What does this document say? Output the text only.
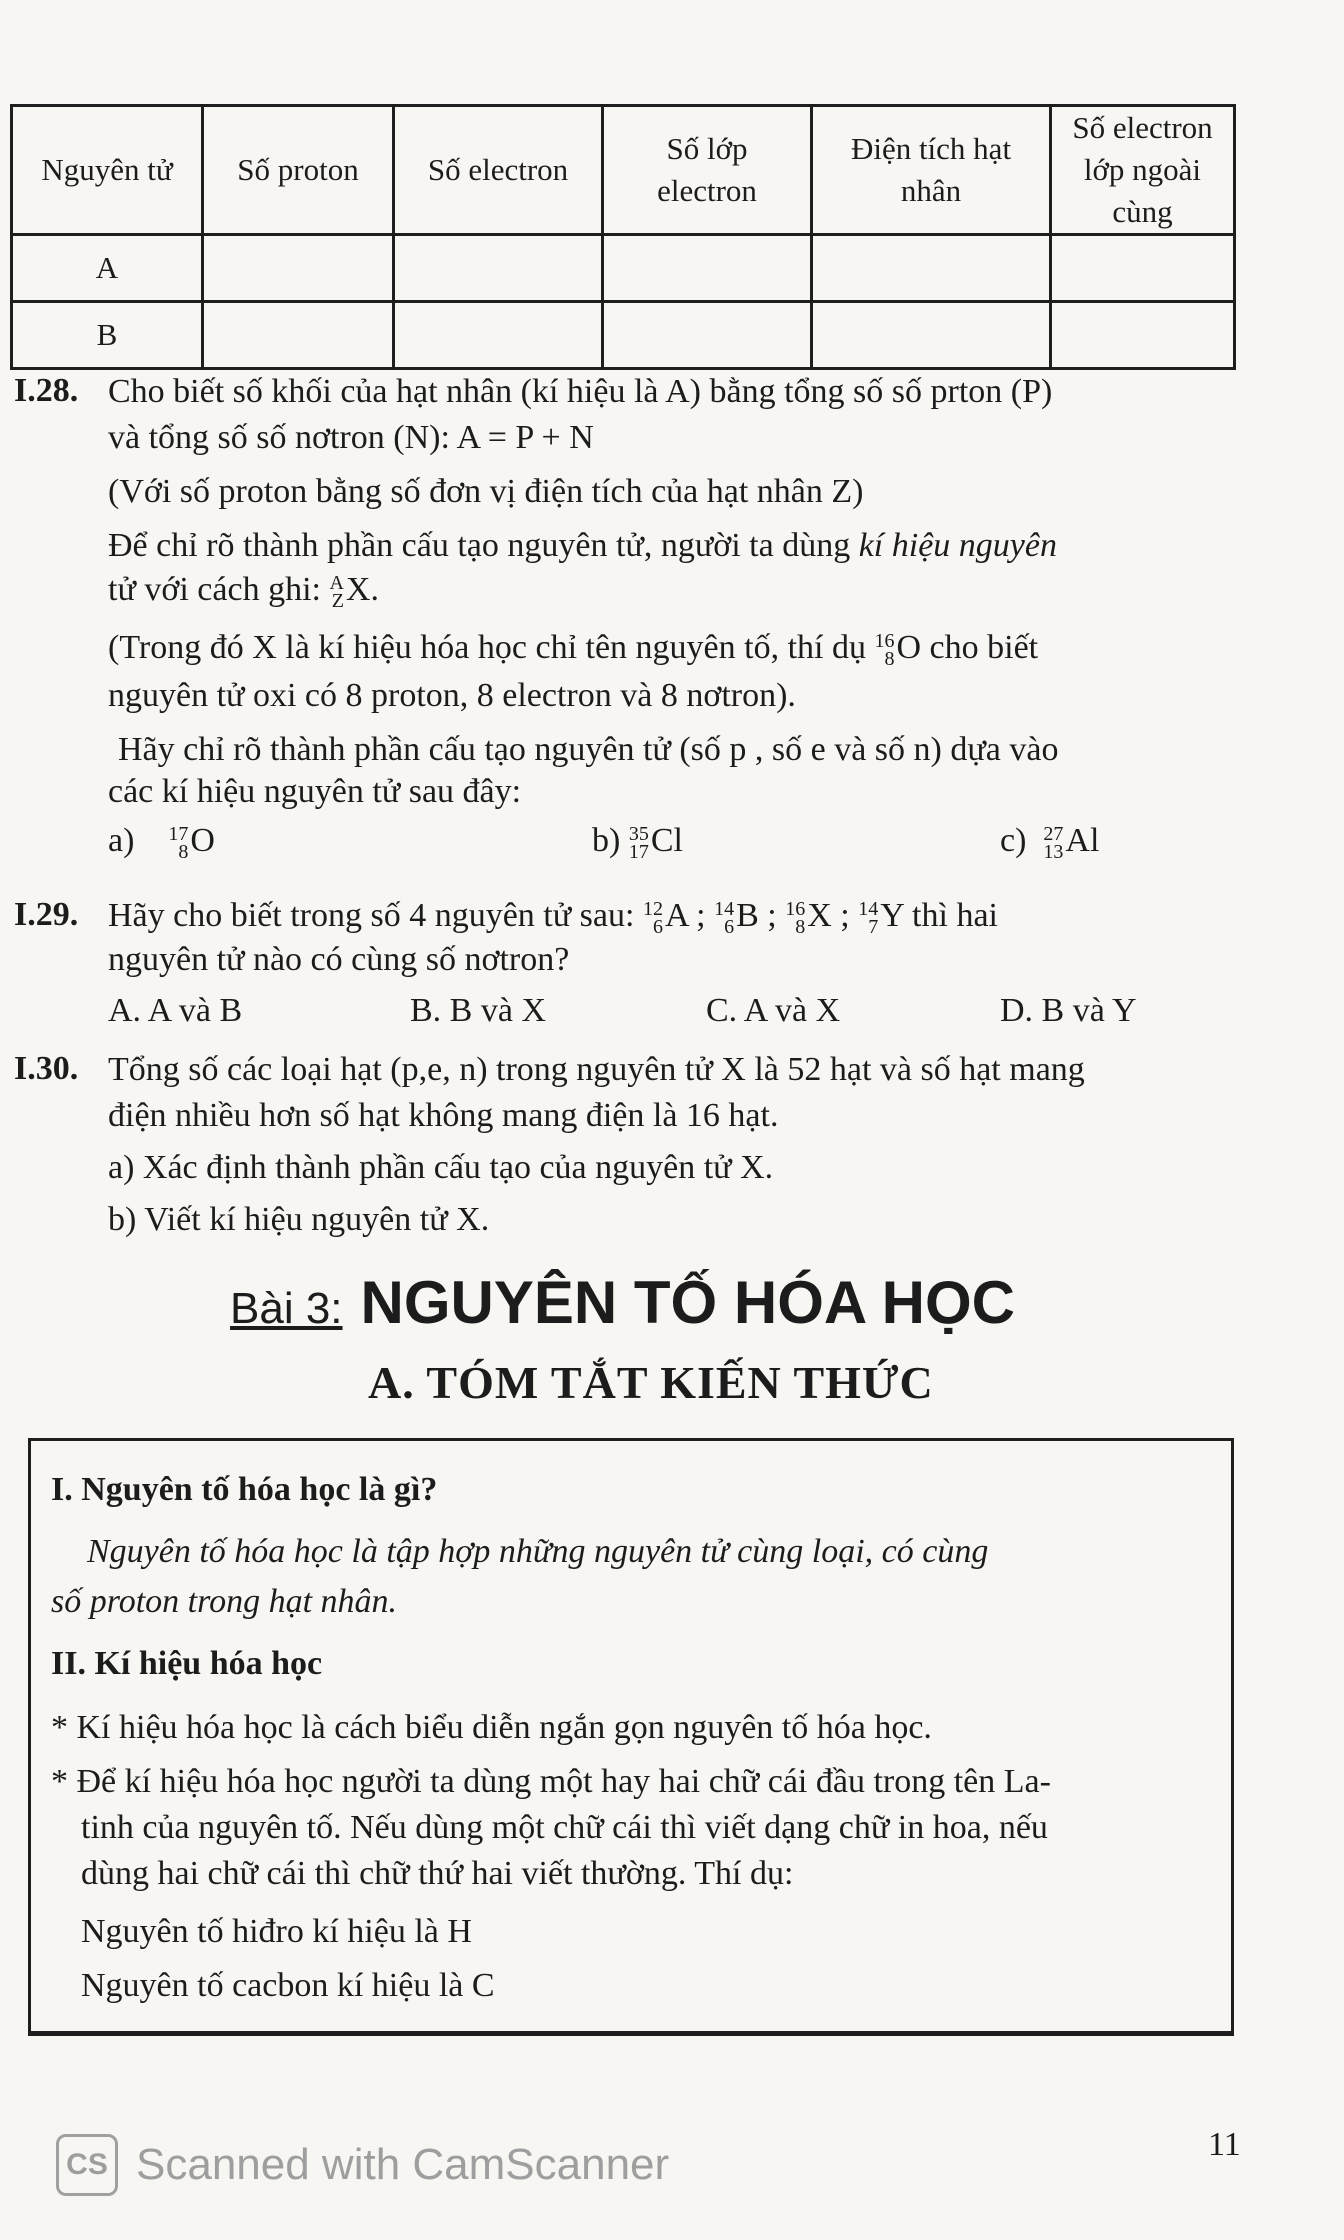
Nguyên tử	Số proton	Số electron	Số lớp electron	Điện tích hạt nhân	Số electron lớp ngoài cùng
A					
B					
I.28. Cho biết số khối của hạt nhân (kí hiệu là A) bằng tổng số số prton (P)
và tổng số số nơtron (N): A = P + N
(Với số proton bằng số đơn vị điện tích của hạt nhân Z)
Để chỉ rõ thành phần cấu tạo nguyên tử, người ta dùng kí hiệu nguyên
tử với cách ghi: A
Z X.
(Trong đó X là kí hiệu hóa học chỉ tên nguyên tố, thí dụ 16
8 O cho biết
nguyên tử oxi có 8 proton, 8 electron và 8 nơtron).
Hãy chỉ rõ thành phần cấu tạo nguyên tử (số p , số e và số n) dựa vào
các kí hiệu nguyên tử sau đây:
a) 17
8 O	b) 35
17 Cl	c) 27
13 Al
I.29. Hãy cho biết trong số 4 nguyên tử sau: 12
6 A ; 14
6 B ; 16
8 X ; 14
7 Y thì hai
nguyên tử nào có cùng số nơtron?
A. A và B	B. B và X	C. A và X	D. B và Y
I.30. Tổng số các loại hạt (p,e, n) trong nguyên tử X là 52 hạt và số hạt mang
điện nhiều hơn số hạt không mang điện là 16 hạt.
a) Xác định thành phần cấu tạo của nguyên tử X.
b) Viết kí hiệu nguyên tử X.
Bài 3: NGUYÊN TỐ HÓA HỌC
A. TÓM TẮT KIẾN THỨC
I. Nguyên tố hóa học là gì?
Nguyên tố hóa học là tập hợp những nguyên tử cùng loại, có cùng
số proton trong hạt nhân.
II. Kí hiệu hóa học
* Kí hiệu hóa học là cách biểu diễn ngắn gọn nguyên tố hóa học.
* Để kí hiệu hóa học người ta dùng một hay hai chữ cái đầu trong tên La-
tinh của nguyên tố. Nếu dùng một chữ cái thì viết dạng chữ in hoa, nếu
dùng hai chữ cái thì chữ thứ hai viết thường. Thí dụ:
Nguyên tố hiđro kí hiệu là H
Nguyên tố cacbon kí hiệu là C
11
CS Scanned with CamScanner
